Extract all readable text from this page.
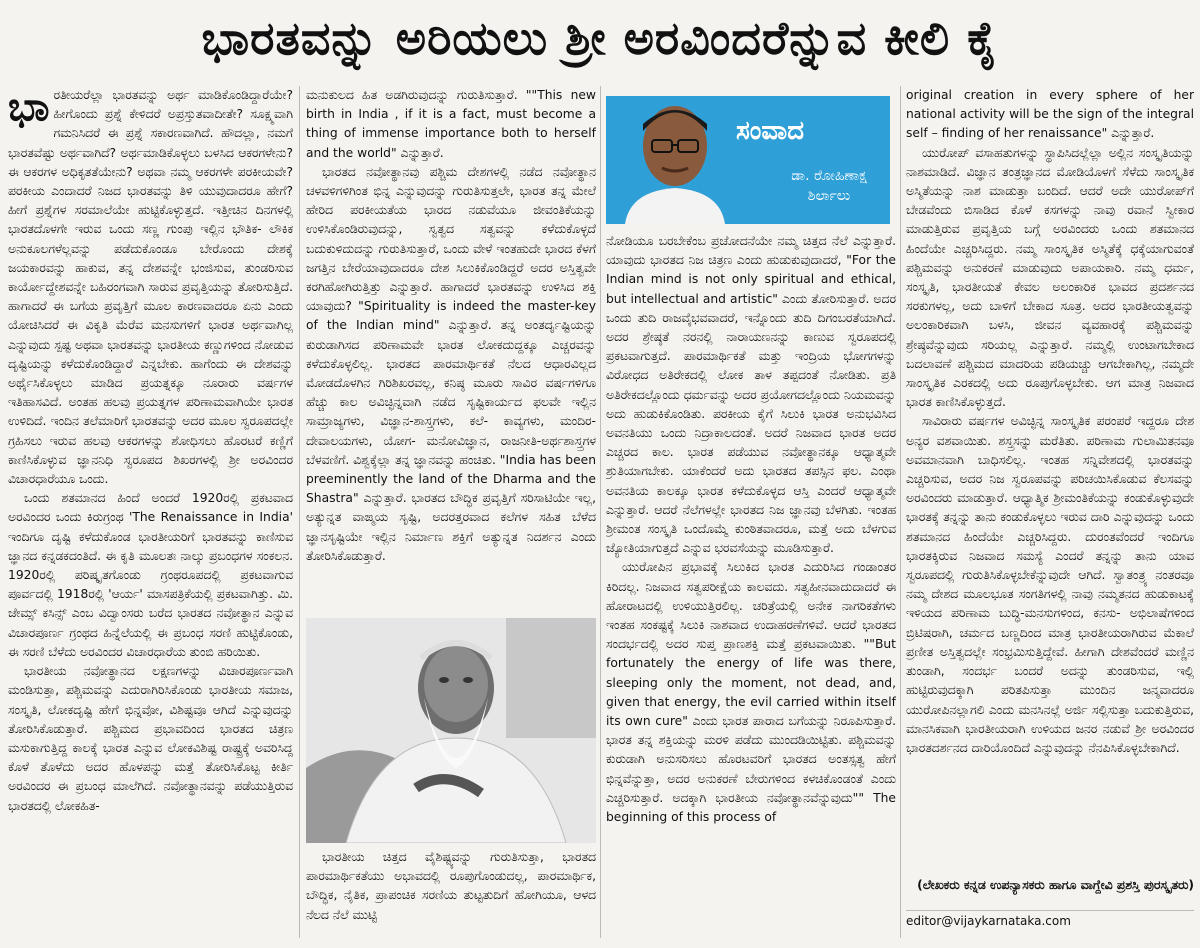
ಭಾರತವನ್ನು ಅರಿಯಲು ಶ್ರೀ ಅರವಿಂದರೆನ್ನುವ ಕೀಲಿ ಕೈ
ಭಾ ರತೀಯರೆಲ್ಲಾ ಭಾರತವನ್ನು ಅರ್ಥ ಮಾಡಿಕೊಂಡಿದ್ದಾರೆಯೇ? ಹೀಗೊಂದು ಪ್ರಶ್ನೆ ಕೇಳಿದರೆ ಅಪ್ರಸ್ತುತವಾದೀತೇ? ಸೂಕ್ಷ್ಮವಾಗಿ ಗಮನಿಸಿದರೆ ಈ ಪ್ರಶ್ನೆ ಸಕಾರಣವಾಗಿದೆ. ಹೌದಲ್ಲಾ, ನಮಗೆ ಭಾರತವೆಷ್ಟು ಅರ್ಥವಾಗಿದೆ? ಅರ್ಥಮಾಡಿಕೊಳ್ಳಲು ಬಳಸಿದ ಆಕರಗಳೇನು? ಈ ಆಕರಗಳ ಅಧಿಕೃತತೆಯೇನು? ಅಥವಾ ನಮ್ಮ ಆಕರಗಳೇ ಪರಕೀಯವೇ? ಪರಕೀಯ ಎಂದಾದರೆ ನಿಜದ ಭಾರತವನ್ನು ತಿಳಿ ಯುವುದಾದರೂ ಹೇಗೆ? ಹೀಗೆ ಪ್ರಶ್ನೆಗಳ ಸರಮಾಲೆಯೇ ಹುಟ್ಟಿಕೊಳ್ಳುತ್ತದೆ. ಇತ್ತೀಚಿನ ದಿನಗಳಲ್ಲಿ ಭಾರತದೊಳಗೇ ಇರುವ ಒಂದು ಸಣ್ಣ ಗುಂಪು ಇಲ್ಲಿನ ಭೌತಿಕ- ಲೌಕಿಕ ಅನುಕೂಲಗಳೆಲ್ಲವನ್ನು ಪಡೆದುಕೊಂಡೂ ಬೇರೊಂದು ದೇಶಕ್ಕೆ ಜಯಕಾರವನ್ನು ಹಾಕುವ, ತನ್ನ ದೇಶವನ್ನೇ ಭಂಜಿಸುವ, ತುಂಡರಿಸುವ ಕಾರ್ಯೋದ್ದೇಶವನ್ನೇ ಬಹಿರಂಗವಾಗಿ ಸಾರುವ ಪ್ರವೃತ್ತಿಯನ್ನು ತೋರಿಸುತ್ತಿದೆ. ಹಾಗಾದರೆ ಈ ಬಗೆಯ ಪ್ರವೃತ್ತಿಗೆ ಮೂಲ ಕಾರಣವಾದರೂ ಏನು ಎಂದು ಯೋಚಿಸಿದರೆ ಈ ವಿಕೃತಿ ಮೆರೆವ ಮನಸುಗಳಿಗೆ ಭಾರತ ಅರ್ಥವಾಗಿಲ್ಲ ಎನ್ನುವುದು ಸ್ಪಷ್ಟ ಅಥವಾ ಭಾರತವನ್ನು ಭಾರತೀಯ ಕಣ್ಣುಗಳಿಂದ ನೋಡುವ ದೃಷ್ಟಿಯನ್ನು ಕಳೆದುಕೊಂಡಿದ್ದಾರೆ ಎನ್ನಬೇಕು. ಹಾಗೆಂದು ಈ ದೇಶವನ್ನು ಅರ್ಥೈಸಿಕೊಳ್ಳಲು ಮಾಡಿದ ಪ್ರಯತ್ನಕ್ಕೂ ನೂರಾರು ವರ್ಷಗಳ ಇತಿಹಾಸವಿದೆ. ಅಂತಹ ಹಲವು ಪ್ರಯತ್ನಗಳ ಪರಿಣಾಮವಾಗಿಯೇ ಭಾರತ ಉಳಿದಿದೆ. ಇಂದಿನ ತಲೆಮಾರಿಗೆ ಭಾರತವನ್ನು ಅದರ ಮೂಲ ಸ್ವರೂಪದಲ್ಲೇ ಗ್ರಹಿಸಲು ಇರುವ ಹಲವು ಆಕರಗಳನ್ನು ಶೋಧಿಸಲು ಹೊರಟರೆ ಕಣ್ಣಿಗೆ ಕಾಣಿಸಿಕೊಳ್ಳುವ ಜ್ಞಾನನಿಧಿ ಸ್ವರೂಪದ ಶಿಖರಗಳಲ್ಲಿ ಶ್ರೀ ಅರವಿಂದರ ವಿಚಾರಧಾರೆಯೂ ಒಂದು.

ಒಂದು ಶತಮಾನದ ಹಿಂದೆ ಅಂದರೆ 1920ರಲ್ಲಿ ಪ್ರಕಟವಾದ ಅರವಿಂದರ ಒಂದು ಕಿರುಗ್ರಂಥ 'The Renaissance in India' ಇಂದಿಗೂ ದೃಷ್ಟಿ ಕಳೆದುಕೊಂಡ ಭಾರತೀಯರಿಗೆ ಭಾರತವನ್ನು ಕಾಣಿಸುವ ಜ್ಞಾನದ ಕನ್ನಡಕದಂತಿದೆ. ಈ ಕೃತಿ ಮೂಲತಃ ನಾಲ್ಕು ಪ್ರಬಂಧಗಳ ಸಂಕಲನ. 1920ರಲ್ಲಿ ಪರಿಷ್ಕೃತಗೊಂಡು ಗ್ರಂಥರೂಪದಲ್ಲಿ ಪ್ರಕಟವಾಗುವ ಪೂರ್ವದಲ್ಲಿ 1918ರಲ್ಲಿ 'ಆರ್ಯ' ಮಾಸಪತ್ರಿಕೆಯಲ್ಲಿ ಪ್ರಕಟವಾಗಿತ್ತು. ಮಿ. ಜೇಮ್ಸ್ ಕಸಿನ್ಸ್ ಎಂಬ ವಿದ್ವಾಂಸರು ಬರೆದ ಭಾರತದ ನವೋತ್ಥಾನ ಎನ್ನುವ ವಿಚಾರಪೂರ್ಣ ಗ್ರಂಥದ ಹಿನ್ನೆಲೆಯಲ್ಲಿ ಈ ಪ್ರಬಂಧ ಸರಣಿ ಹುಟ್ಟಿಕೊಂಡು, ಈ ಸರಣಿ ಬೆಳೆದು ಅರವಿಂದರ ವಿಚಾರಧಾರೆಯ ತುಂಬಿ ಹರಿಯಿತು.

ಭಾರತೀಯ ನವೋತ್ಥಾನದ ಲಕ್ಷಣಗಳನ್ನು ವಿಚಾರಪೂರ್ಣವಾಗಿ ಮಂಡಿಸುತ್ತಾ, ಪಶ್ಚಿಮವನ್ನು ಎದುರಾಗಿರಿಸಿಕೊಂಡು ಭಾರತೀಯ ಸಮಾಜ, ಸಂಸ್ಕೃತಿ, ಲೋಕದೃಷ್ಟಿ ಹೇಗೆ ಭಿನ್ನವೋ, ವಿಶಿಷ್ಟವೂ ಆಗಿದೆ ಎನ್ನುವುದನ್ನು ತೋರಿಸಿಕೊಡುತ್ತಾರೆ. ಪಶ್ಚಿಮದ ಪ್ರಭಾವದಿಂದ ಭಾರತದ ಚಿತ್ರಣ ಮಸುಕಾಗುತ್ತಿದ್ದ ಕಾಲಕ್ಕೆ ಭಾರತ ಎನ್ನುವ ಲೋಕವಿಶಿಷ್ಟ ರಾಷ್ಟ್ರಕ್ಕೆ ಅವರಿಸಿದ್ದ ಕೊಳೆ ತೊಳೆದು ಅದರ ಹೊಳಪನ್ನು ಮತ್ತೆ ತೋರಿಸಿಕೊಟ್ಟ ಕೀರ್ತಿ ಅರವಿಂದರ ಈ ಪ್ರಬಂಧ ಮಾಲೆಗಿದೆ. ನವೋತ್ಥಾನವನ್ನು ಪಡೆಯುತ್ತಿರುವ ಭಾರತದಲ್ಲಿ ಲೋಕಹಿತ-

ಮನುಕುಲದ ಹಿತ ಅಡಗಿರುವುದನ್ನು ಗುರುತಿಸುತ್ತಾರೆ. ""This new birth in India , if it is a fact, must become a thing of immense importance both to herself and the world" ಎನ್ನುತ್ತಾರೆ.

ಭಾರತದ ನವೋತ್ಥಾನವು ಪಶ್ಚಿಮ ದೇಶಗಳಲ್ಲಿ ನಡೆದ ನವೋತ್ಥಾನ ಚಳವಳಿಗಳಿಗಿಂತ ಭಿನ್ನ ಎನ್ನುವುದನ್ನು ಗುರುತಿಸುತ್ತಲೇ, ಭಾರತ ತನ್ನ ಮೇಲೆ ಹೇರಿದ ಪರಕೀಯತೆಯ ಭಾರದ ನಡುವೆಯೂ ಜೀವಂತಿಕೆಯನ್ನು ಉಳಿಸಿಕೊಂಡಿರುವುದನ್ನು, ಸ್ವತ್ವದ ಸತ್ವವನ್ನು ಕಳೆದುಕೊಳ್ಳದೆ ಬದುಕುಳಿದುದನ್ನು ಗುರುತಿಸುತ್ತಾರೆ, ಒಂದು ವೇಳೆ ಇಂತಹುದೇ ಭಾರದ ಕೆಳಗೆ ಜಗತ್ತಿನ ಬೇರೆಯಾವುದಾದರೂ ದೇಶ ಸಿಲುಕಿಕೊಂಡಿದ್ದರೆ ಅದರ ಅಸ್ತಿತ್ವವೇ ಕರಗಿಹೋಗಿರುತ್ತಿತ್ತು ಎನ್ನುತ್ತಾರೆ. ಹಾಗಾದರೆ ಭಾರತವನ್ನು ಉಳಿಸಿದ ಶಕ್ತಿ ಯಾವುದು? "Spirituality is indeed the master-key of the Indian mind" ಎನ್ನುತ್ತಾರೆ. ತನ್ನ ಅಂತರ್ದೃಷ್ಟಿಯನ್ನು ಕುರುಡಾಗಿಸದ ಪರಿಣಾಮವೇ ಭಾರತ ಲೋಕದುದ್ದಕ್ಕೂ ಎಚ್ಚರವನ್ನು ಕಳೆದುಕೊಳ್ಳಲಿಲ್ಲ. ಭಾರತದ ಪಾರಮಾರ್ಥಿಕತೆ ನೆಲದ ಆಧಾರವಿಲ್ಲದ ಮೋಡದೊಳಗಿನ ಗಿರಿಶಿಖರವಲ್ಲ, ಕನಿಷ್ಠ ಮೂರು ಸಾವಿರ ವರ್ಷಗಳಿಗೂ ಹೆಚ್ಚು ಕಾಲ ಅವಿಚ್ಛಿನ್ನವಾಗಿ ನಡೆದ ಸೃಷ್ಟಿಕಾರ್ಯದ ಫಲವೇ ಇಲ್ಲಿನ ಸಾಮ್ರಾಜ್ಯಗಳು, ವಿಜ್ಞಾನ-ಶಾಸ್ತ್ರಗಳು, ಕಲೆ- ಕಾವ್ಯಗಳು, ಮಂದಿರ-ದೇವಾಲಯಗಳು, ಯೋಗ- ಮನೋವಿಜ್ಞಾನ, ರಾಜನೀತಿ-ಅರ್ಥಶಾಸ್ತ್ರಗಳ ಬೆಳವಣಿಗೆ. ವಿಶ್ವಕ್ಕೆಲ್ಲಾ ತನ್ನ ಜ್ಞಾನವನ್ನು ಹಂಚಿತು. "India has been preeminently the land of the Dharma and the Shastra" ಎನ್ನುತ್ತಾರೆ. ಭಾರತದ ಬೌದ್ಧಿಕ ಪ್ರವೃತ್ತಿಗೆ ಸರಿಸಾಟಿಯೇ ಇಲ್ಲ, ಅತ್ಯುನ್ನತ ವಾಙ್ಮಯ ಸೃಷ್ಟಿ, ಅದರತ್ತರವಾದ ಕಲೆಗಳ ಸಹಿತ ಬೆಳೆದ ಜ್ಞಾನಸೃಷ್ಟಿಯೇ ಇಲ್ಲಿನ ನಿರ್ಮಾಣ ಶಕ್ತಿಗೆ ಅತ್ಯುನ್ನತ ನಿದರ್ಶನ ಎಂದು ತೋರಿಸಿಕೊಡುತ್ತಾರೆ.

ಭಾರತೀಯ ಚಿತ್ತದ ವೈಶಿಷ್ಟ್ಯವನ್ನು ಗುರುತಿಸುತ್ತಾ, ಭಾರತದ ಪಾರಮಾರ್ಥಿಕತೆಯು ಅಭಾವದಲ್ಲಿ ರೂಪುಗೊಂಡುದಲ್ಲ, ಪಾರಮಾರ್ಥಿಕ, ಬೌದ್ಧಿಕ, ನೈತಿಕ, ಪ್ರಾಪಂಚಿಕ ಸರಣಿಯ ತುಟ್ಟತುದಿಗೆ ಹೋಗಿಯೂ, ಆಳದ ನೆಲದ ನೆಲೆ ಮುಟ್ಟಿ

ಸಂವಾದ
ಡಾ. ರೋಹಿಣಾಕ್ಷ
ಶಿರ್ಲಾಲು

ನೋಡಿಯೂ ಬರಬೇಕೆಂಬ ಪ್ರಚೋದನೆಯೇ ನಮ್ಮ ಚಿತ್ತದ ನೆಲೆ ಎನ್ನುತ್ತಾರೆ. ಯಾವುದು ಭಾರತದ ನಿಜ ಚಿತ್ರಣ ಎಂದು ಹುಡುಕುವುದಾದರೆ, "For the Indian mind is not only spiritual and ethical, but intellectual and artistic" ಎಂದು ತೋರಿಸುತ್ತಾರೆ. ಅದರ ಒಂದು ತುದಿ ರಾಜವೈಭವವಾದರೆ, ಇನ್ನೊಂದು ತುದಿ ದಿಗಂಬರತೆಯಾಗಿದೆ. ಅದರ ಶ್ರೇಷ್ಠತೆ ನರನಲ್ಲಿ ನಾರಾಯಣನನ್ನು ಕಾಣುವ ಸ್ವರೂಪದಲ್ಲಿ ಪ್ರಕಟವಾಗುತ್ತದೆ. ಪಾರಮಾರ್ಥಿಕತೆ ಮತ್ತು ಇಂದ್ರಿಯ ಭೋಗಗಳನ್ನು ವಿರೋಧದ ಅತಿರೇಕದಲ್ಲಿ ಲೋಕ ತಾಳ ತಪ್ಪದಂತೆ ನೋಡಿತು. ಪ್ರತಿ ಅತಿರೇಕದಲ್ಲೊಂದು ಧರ್ಮವನ್ನು ಅದರ ಪ್ರಯೋಗದಲ್ಲೊಂದು ನಿಯಮವನ್ನು ಅದು ಹುಡುಕಿಕೊಂಡಿತು. ಪರಕೀಯ ಕೈಗೆ ಸಿಲುಕಿ ಭಾರತ ಅನುಭವಿಸಿದ ಅವನತಿಯು ಒಂದು ನಿದ್ರಾಕಾಲದಂತೆ. ಅದರೆ ನಿಜವಾದ ಭಾರತ ಅದರ ಎಚ್ಚರದ ಕಾಲ. ಭಾರತ ಪಡೆಯುವ ನವೋತ್ಥಾನಕ್ಕೂ ಆಧ್ಯಾತ್ಮವೇ ಶ್ರುತಿಯಾಗಬೇಕು. ಯಾಕೆಂದರೆ ಅದು ಭಾರತದ ತಪಸ್ಸಿನ ಫಲ. ಎಂಥಾ ಅವನತಿಯ ಕಾಲಕ್ಕೂ ಭಾರತ ಕಳೆದುಕೊಳ್ಳದ ಆಸ್ತಿ ಎಂದರೆ ಆಧ್ಯಾತ್ಮವೇ ಎನ್ನುತ್ತಾರೆ. ಆದರೆ ನೆಲೆಗಳಲ್ಲೇ ಭಾರತದ ನಿಜ ಜ್ಞಾನವು ಬೆಳಗಿತು. ಇಂತಹ ಶ್ರೀಮಂತ ಸಂಸ್ಕೃತಿ ಒಂದೊಮ್ಮೆ ಕುಂಠಿತವಾದರೂ, ಮತ್ತೆ ಅದು ಬೆಳಗುವ ಜ್ಯೋತಿಯಾಗುತ್ತದೆ ಎನ್ನುವ ಭರವಸೆಯನ್ನು ಮೂಡಿಸುತ್ತಾರೆ.

ಯುರೋಪಿನ ಪ್ರಭಾವಕ್ಕೆ ಸಿಲುಕಿದ ಭಾರತ ಎದುರಿಸಿದ ಗಂಡಾಂತರ ಕಿರಿದಲ್ಲ. ನಿಜವಾದ ಸತ್ವಪರೀಕ್ಷೆಯ ಕಾಲವದು. ಸತ್ವಹೀನವಾದುದಾದರೆ ಈ ಹೋರಾಟದಲ್ಲಿ ಉಳಿಯುತ್ತಿರಲಿಲ್ಲ. ಚರಿತ್ರೆಯಲ್ಲಿ ಅನೇಕ ನಾಗರಿಕತೆಗಳು ಇಂತಹ ಸಂಕಷ್ಟಕ್ಕೆ ಸಿಲುಕಿ ನಾಶವಾದ ಉದಾಹರಣೆಗಳಿವೆ. ಆದರೆ ಭಾರತದ ಸಂದರ್ಭದಲ್ಲಿ ಅದರ ಸುಪ್ತ ಪ್ರಾಣಶಕ್ತಿ ಮತ್ತೆ ಪ್ರಕಟವಾಯಿತು. ""But fortunately the energy of life was there, sleeping only the moment, not dead, and, given that energy, the evil carried within itself its own cure" ಎಂದು ಭಾರತ ಪಾರಾದ ಬಗೆಯನ್ನು ನಿರೂಪಿಸುತ್ತಾರೆ. ಭಾರತ ತನ್ನ ಶಕ್ತಿಯನ್ನು ಮರಳಿ ಪಡೆದು ಮುಂದಡಿಯಿಟ್ಟಿತು. ಪಶ್ಚಿಮವನ್ನು ಕುರುಡಾಗಿ ಅನುಸರಿಸಲು ಹೊರಟವರಿಗೆ ಭಾರತದ ಅಂತಸ್ಸತ್ವ ಹೇಗೆ ಭಿನ್ನವೆನ್ನುತ್ತಾ, ಅದರ ಅನುಕರಣೆ ಬೇರುಗಳಿಂದ ಕಳಚಿಕೊಂಡಂತೆ ಎಂದು ಎಚ್ಚರಿಸುತ್ತಾರೆ. ಅದಕ್ಕಾಗಿ ಭಾರತೀಯ ನವೋತ್ಥಾನವೆನ್ನುವುದು"" The beginning of this process of

original creation in every sphere of her national activity will be the sign of the integral self – finding of her renaissance" ಎನ್ನುತ್ತಾರೆ.

ಯುರೋಪ್ ವಸಾಹತುಗಳನ್ನು ಸ್ಥಾಪಿಸಿದಲ್ಲೆಲ್ಲಾ ಅಲ್ಲಿನ ಸಂಸ್ಕೃತಿಯನ್ನು ನಾಶಮಾಡಿದೆ. ವಿಜ್ಞಾನ ತಂತ್ರಜ್ಞಾನದ ಮೋಡಿಯೊಳಗೆ ಸೆಳೆದು ಸಾಂಸ್ಕೃತಿಕ ಅಸ್ಮಿತೆಯನ್ನು ನಾಶ ಮಾಡುತ್ತಾ ಬಂದಿದೆ. ಆದರೆ ಅದೇ ಯುರೋಪ್‌ಗೆ ಬೇಡವೆಂದು ಬಿಸಾಡಿದ ಕೊಳೆ ಕಸಗಳನ್ನು ನಾವು ರವಾನೆ ಸ್ವೀಕಾರ ಮಾಡುತ್ತಿರುವ ಪ್ರವೃತ್ತಿಯ ಬಗ್ಗೆ ಅರವಿಂದರು ಒಂದು ಶತಮಾನದ ಹಿಂದೆಯೇ ಎಚ್ಚರಿಸಿದ್ದರು. ನಮ್ಮ ಸಾಂಸ್ಕೃತಿಕ ಅಸ್ಮಿತೆಕ್ಕೆ ಧಕ್ಕೆಯಾಗುವಂತೆ ಪಶ್ಚಿಮವನ್ನು ಅನುಕರಣೆ ಮಾಡುವುದು ಅಪಾಯಕಾರಿ. ನಮ್ಮ ಧರ್ಮ, ಸಂಸ್ಕೃತಿ, ಭಾರತೀಯತೆ ಕೇವಲ ಅಲಂಕಾರಿಕ ಭಾವದ ಪ್ರದರ್ಶನದ ಸರಕುಗಳಲ್ಲ, ಅದು ಬಾಳಿಗೆ ಬೇಕಾದ ಸೂತ್ರ. ಅದರ ಭಾರತೀಯತ್ವವನ್ನು ಅಲಂಕಾರಿಕವಾಗಿ ಬಳಸಿ, ಜೀವನ ವ್ಯವಹಾರಕ್ಕೆ ಪಶ್ಚಿಮವನ್ನು ಶ್ರೇಷ್ಠವೆನ್ನುವುದು ಸರಿಯಲ್ಲ ಎನ್ನುತ್ತಾರೆ. ನಮ್ಮಲ್ಲಿ ಉಂಟಾಗಬೇಕಾದ ಬದಲಾವಣೆ ಪಶ್ಚಿಮದ ಮಾದರಿಯ ಪಡಿಯಚ್ಚು ಆಗಬೇಕಾಗಿಲ್ಲ, ನಮ್ಮದೇ ಸಾಂಸ್ಕೃತಿಕ ಎರಕದಲ್ಲಿ ಅದು ರೂಪುಗೊಳ್ಳಬೇಕು. ಆಗ ಮಾತ್ರ ನಿಜವಾದ ಭಾರತ ಕಾಣಿಸಿಕೊಳ್ಳುತ್ತದೆ.

ಸಾವಿರಾರು ವರ್ಷಗಳ ಅವಿಚ್ಛಿನ್ನ ಸಾಂಸ್ಕೃತಿಕ ಪರಂಪರೆ ಇದ್ದರೂ ದೇಶ ಅನ್ಯರ ವಶವಾಯಿತು. ಶಸ್ತ್ರಸನ್ನು ಮರೆತಿತು. ಪರಿಣಾಮ ಗುಲಾಮಿತನವೂ ಅವಮಾನವಾಗಿ ಬಾಧಿಸಲಿಲ್ಲ. ಇಂತಹ ಸನ್ನಿವೇಶದಲ್ಲಿ ಭಾರತವನ್ನು ಎಚ್ಚರಿಸುವ, ಅದರ ನಿಜ ಸ್ವರೂಪವನ್ನು ಪರಿಚಯಿಸಿಕೊಡುವ ಕೆಲಸವನ್ನು ಅರವಿಂದರು ಮಾಡುತ್ತಾರೆ. ಆಧ್ಯಾತ್ಮಿಕ ಶ್ರೀಮಂತಿಕೆಯನ್ನು ಕಂಡುಕೊಳ್ಳುವುದೇ ಭಾರತಕ್ಕೆ ತನ್ನನ್ನು ತಾನು ಕಂಡುಕೊಳ್ಳಲು ಇರುವ ದಾರಿ ಎನ್ನುವುದನ್ನು ಒಂದು ಶತಮಾನದ ಹಿಂದೆಯೇ ಎಚ್ಚರಿಸಿದ್ದರು. ದುರಂತವೆಂದರೆ ಇಂದಿಗೂ ಭಾರತಕ್ಕಿರುವ ನಿಜವಾದ ಸಮಸ್ಯೆ ಎಂದರೆ ತನ್ನನ್ನು ತಾನು ಯಾವ ಸ್ವರೂಪದಲ್ಲಿ ಗುರುತಿಸಿಕೊಳ್ಳಬೇಕೆನ್ನುವುದೇ ಆಗಿದೆ. ಸ್ವಾತಂತ್ರ್ಯ ನಂತರವೂ ನಮ್ಮ ದೇಶದ ಮೂಲಭೂತ ಸಂಗತಿಗಳಲ್ಲಿ ನಾವು ನಮ್ಮತನದ ಹುಡುಕಾಟಕ್ಕೆ ಇಳಿಯದ ಪರಿಣಾಮ ಬುದ್ಧಿ-ಮನಸುಗಳಿಂದ, ಕನಸು- ಅಭಿಲಾಷೆಗಳಿಂದ ಬ್ರಿಟಿಷರಾಗಿ, ಚರ್ಮದ ಬಣ್ಣದಿಂದ ಮಾತ್ರ ಭಾರತೀಯರಾಗಿರುವ ಮೆಕಾಲೆ ಪ್ರಣೀತ ಅಸ್ತಿತ್ವದಲ್ಲೇ ಸಂಭ್ರಮಿಸುತ್ತಿದ್ದೇವೆ. ಹೀಗಾಗಿ ದೇಶವೆಂದರೆ ಮಣ್ಣಿನ ತುಂಡಾಗಿ, ಸಂದರ್ಭ ಬಂದರೆ ಅದನ್ನು ತುಂಡರಿಸುವ, ಇಲ್ಲಿ ಹುಟ್ಟಿರುವುದಕ್ಕಾಗಿ ಪರಿತಪಿಸುತ್ತಾ ಮುಂದಿನ ಜನ್ಮವಾದರೂ ಯುರೋಪಿನಲ್ಲಾಗಲಿ ಎಂದು ಮನಸಿನಲ್ಲೆ ಅರ್ಜಿ ಸಲ್ಲಿಸುತ್ತಾ ಬದುಕುತ್ತಿರುವ, ಮಾನಸಿಕವಾಗಿ ಭಾರತೀಯರಾಗಿ ಉಳಿಯದ ಜನರ ನಡುವೆ ಶ್ರೀ ಅರವಿಂದರ ಭಾರತದರ್ಶನದ ದಾರಿಯೊಂದಿದೆ ಎನ್ನುವುದನ್ನು ನೆನಪಿಸಿಕೊಳ್ಳಬೇಕಾಗಿದೆ.

(ಲೇಖಕರು ಕನ್ನಡ ಉಪನ್ಯಾಸಕರು ಹಾಗೂ ವಾಗ್ದೇವಿ ಪ್ರಶಸ್ತಿ ಪುರಸ್ಕೃತರು)
editor@vijaykarnataka.com
